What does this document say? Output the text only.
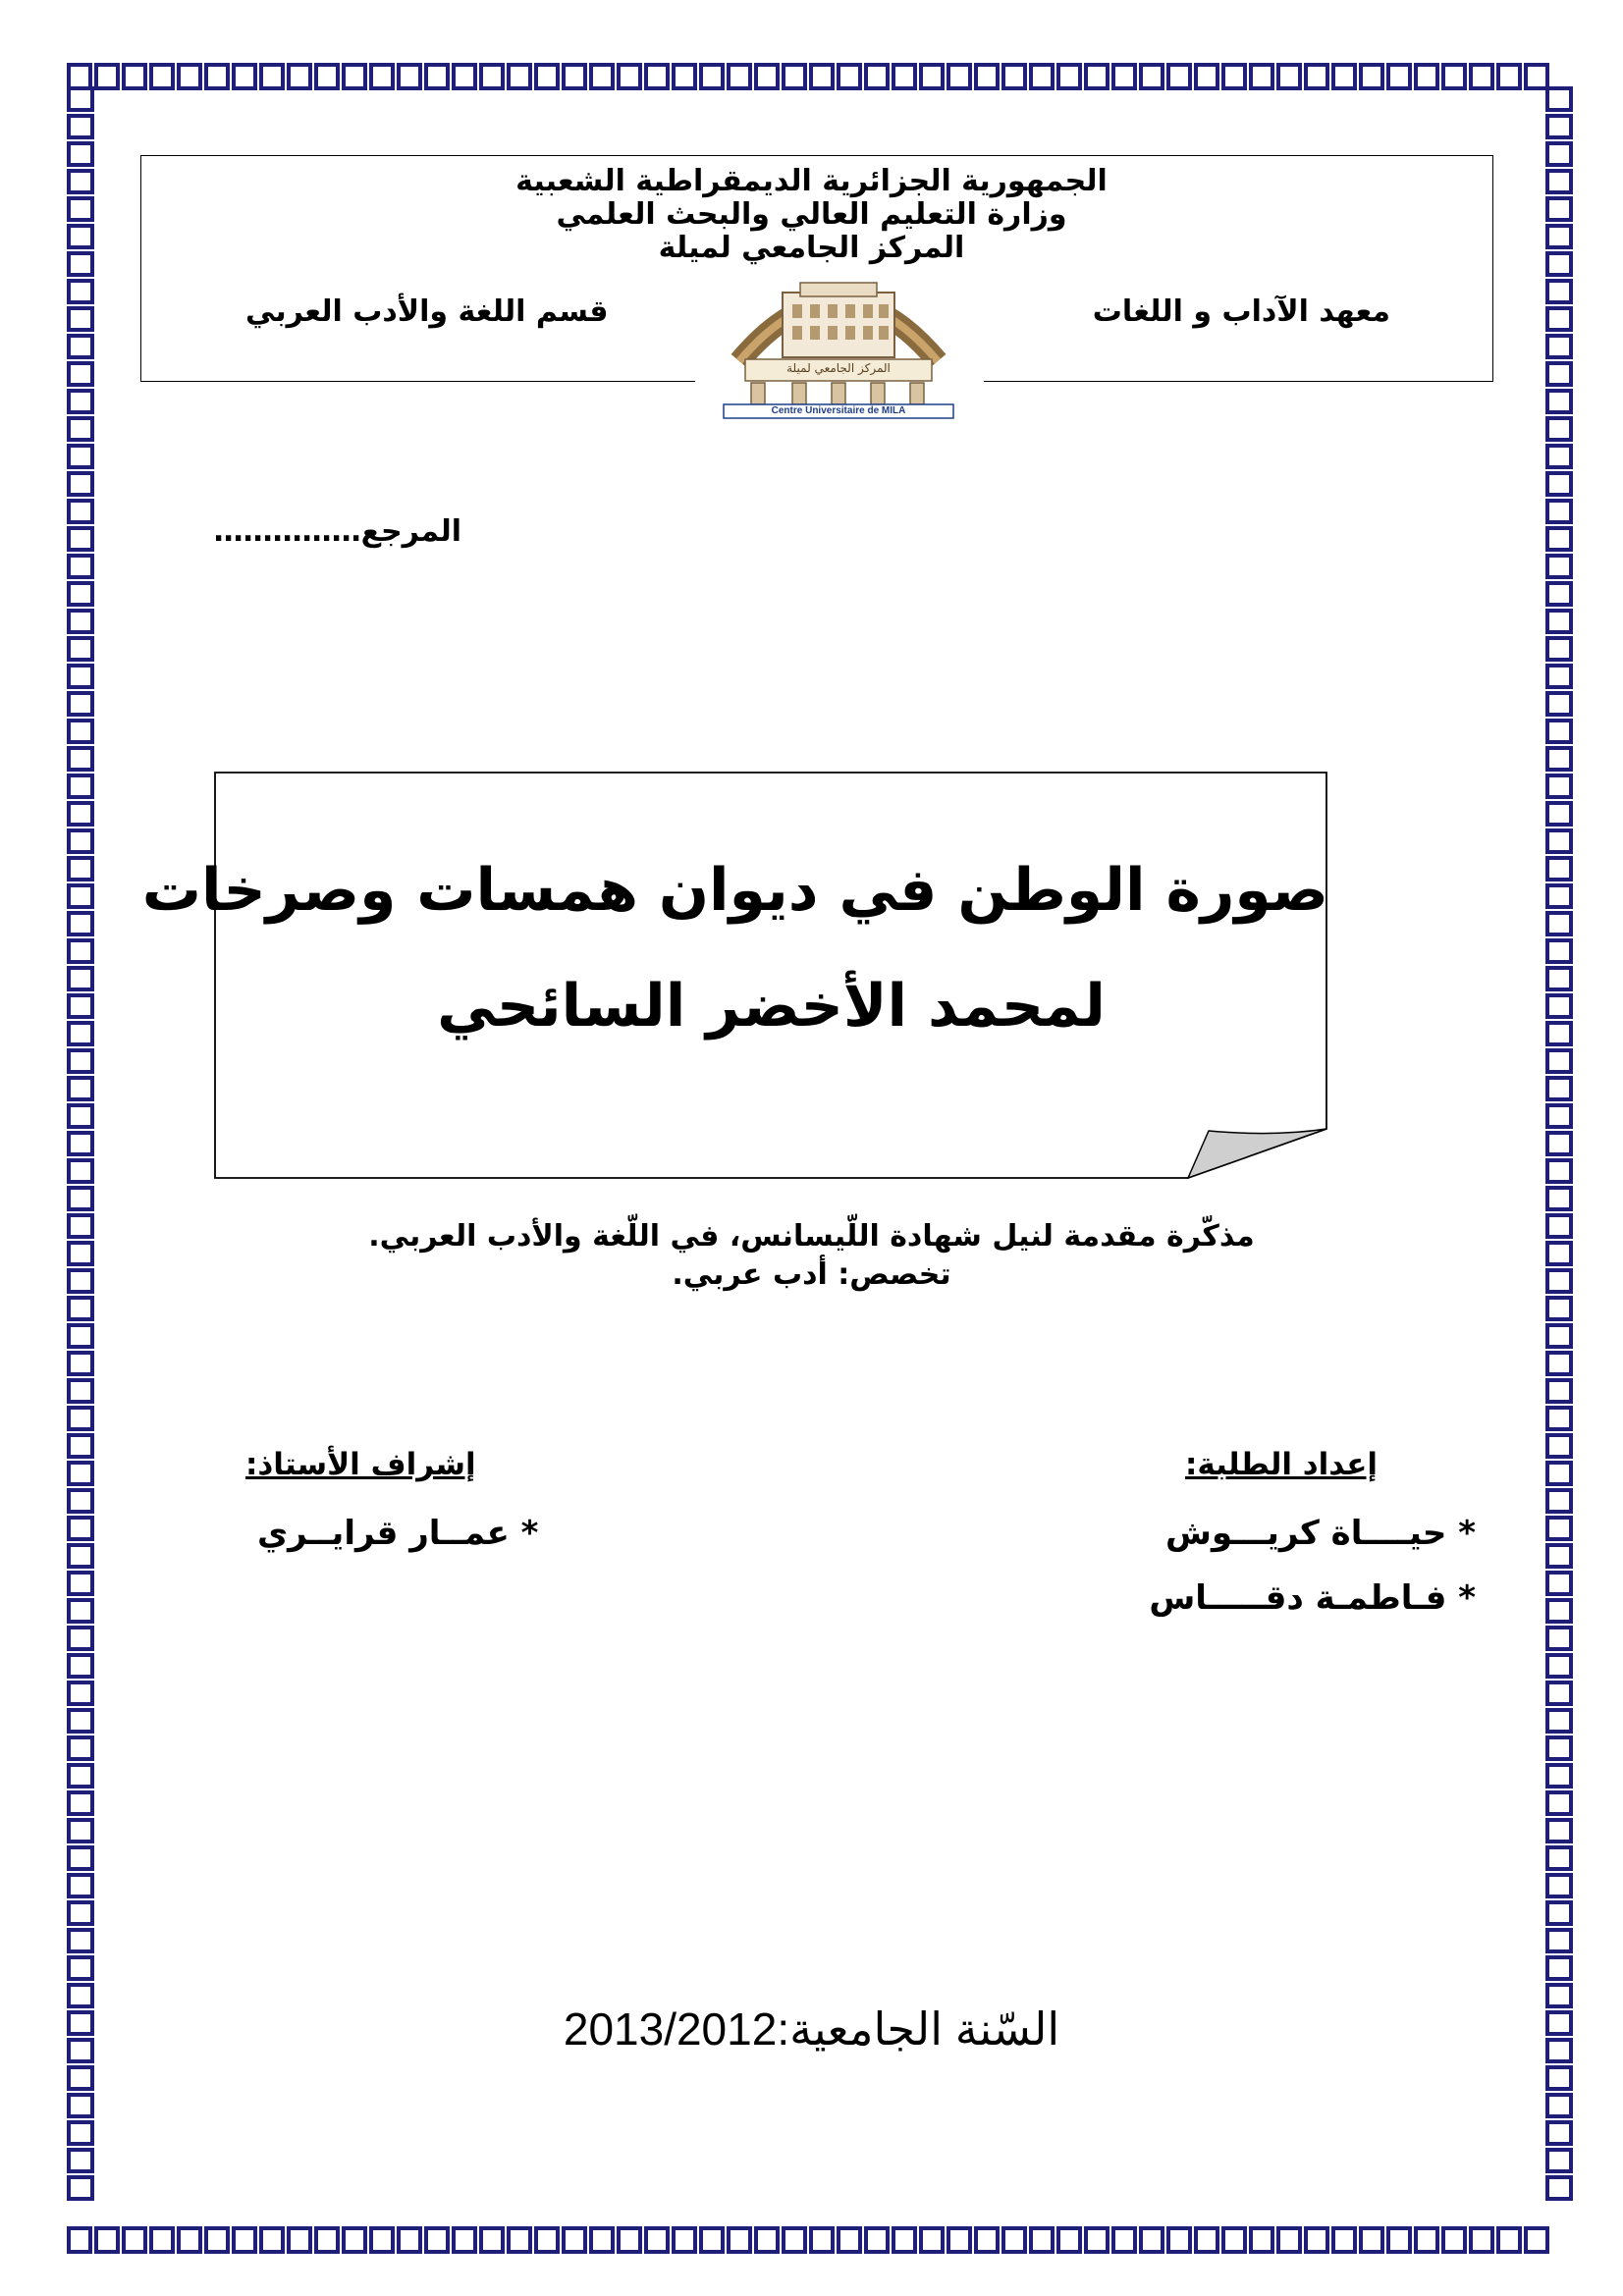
الجمهورية الجزائرية الديمقراطية الشعبية
وزارة التعليم العالي والبحث العلمي
المركز الجامعي لميلة
معهد الآداب و اللغات
قسم اللغة والأدب العربي
المركز الجامعي لميلة
Centre Universitaire de MILA
المرجع……………
صورة الوطن في ديوان همسات وصرخات
لمحمد الأخضر السائحي
مذكّرة مقدمة لنيل شهادة اللّيسانس، في اللّغة والأدب العربي.
تخصص: أدب عربي.
إعداد الطلبة:
* حيــــاة كريـــوش
* فـاطمـة دقـــــاس
إشراف الأستاذ:
* عمــار قرايــري
2013/2012السّنة الجامعية:
